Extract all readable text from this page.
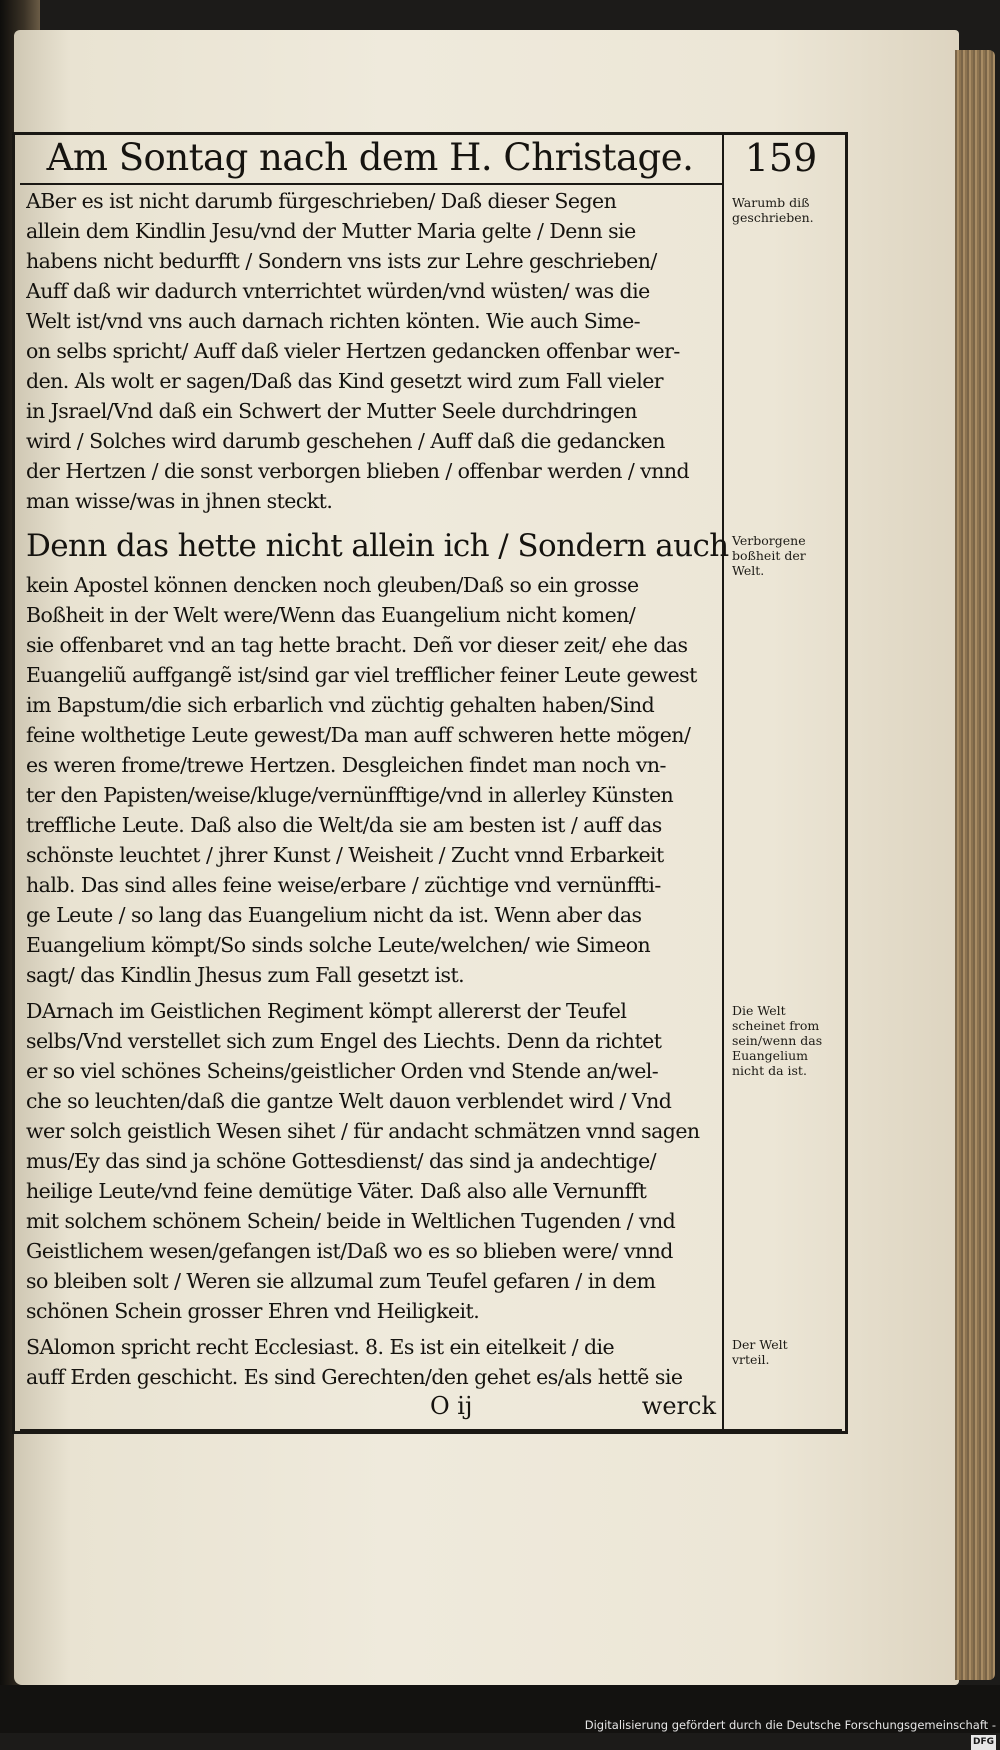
Am Sontag nach dem H. Christage.	159
ABer es ist nicht darumb fürgeschrieben/ Daß dieser Segen
allein dem Kindlin Jesu/vnd der Mutter Maria gelte / Denn sie
habens nicht bedurfft / Sondern vns ists zur Lehre geschrieben/
Auff daß wir dadurch vnterrichtet würden/vnd wüsten/ was die
Welt ist/vnd vns auch darnach richten könten. Wie auch Sime-
on selbs spricht/ Auff daß vieler Hertzen gedancken offenbar wer-
den. Als wolt er sagen/Daß das Kind gesetzt wird zum Fall vieler
in Jsrael/Vnd daß ein Schwert der Mutter Seele durchdringen
wird / Solches wird darumb geschehen / Auff daß die gedancken
der Hertzen / die sonst verborgen blieben / offenbar werden / vnnd
man wisse/was in jhnen steckt.
Denn das hette nicht allein ich / Sondern auch
kein Apostel können dencken noch gleuben/Daß so ein grosse
Boßheit in der Welt were/Wenn das Euangelium nicht komen/
sie offenbaret vnd an tag hette bracht. Deñ vor dieser zeit/ ehe das
Euangeliũ auffgangẽ ist/sind gar viel trefflicher feiner Leute gewest
im Bapstum/die sich erbarlich vnd züchtig gehalten haben/Sind
feine wolthetige Leute gewest/Da man auff schweren hette mögen/
es weren frome/trewe Hertzen. Desgleichen findet man noch vn-
ter den Papisten/weise/kluge/vernünfftige/vnd in allerley Künsten
treffliche Leute. Daß also die Welt/da sie am besten ist / auff das
schönste leuchtet / jhrer Kunst / Weisheit / Zucht vnnd Erbarkeit
halb. Das sind alles feine weise/erbare / züchtige vnd vernünffti-
ge Leute / so lang das Euangelium nicht da ist. Wenn aber das
Euangelium kömpt/So sinds solche Leute/welchen/ wie Simeon
sagt/ das Kindlin Jhesus zum Fall gesetzt ist.
DArnach im Geistlichen Regiment kömpt allererst der Teufel
selbs/Vnd verstellet sich zum Engel des Liechts. Denn da richtet
er so viel schönes Scheins/geistlicher Orden vnd Stende an/wel-
che so leuchten/daß die gantze Welt dauon verblendet wird / Vnd
wer solch geistlich Wesen sihet / für andacht schmätzen vnnd sagen
mus/Ey das sind ja schöne Gottesdienst/ das sind ja andechtige/
heilige Leute/vnd feine demütige Väter. Daß also alle Vernunfft
mit solchem schönem Schein/ beide in Weltlichen Tugenden / vnd
Geistlichem wesen/gefangen ist/Daß wo es so blieben were/ vnnd
so bleiben solt / Weren sie allzumal zum Teufel gefaren / in dem
schönen Schein grosser Ehren vnd Heiligkeit.
SAlomon spricht recht Ecclesiast. 8. Es ist ein eitelkeit / die
auff Erden geschicht. Es sind Gerechten/den gehet es/als hettẽ sie
Warumb diß
geschrieben.
Verborgene
boßheit der
Welt.
Die Welt
scheinet from
sein/wenn das
Euangelium
nicht da ist.
Der Welt
vrteil.
O ij	werck
Digitalisierung gefördert durch die Deutsche Forschungsgemeinschaft -DFG
